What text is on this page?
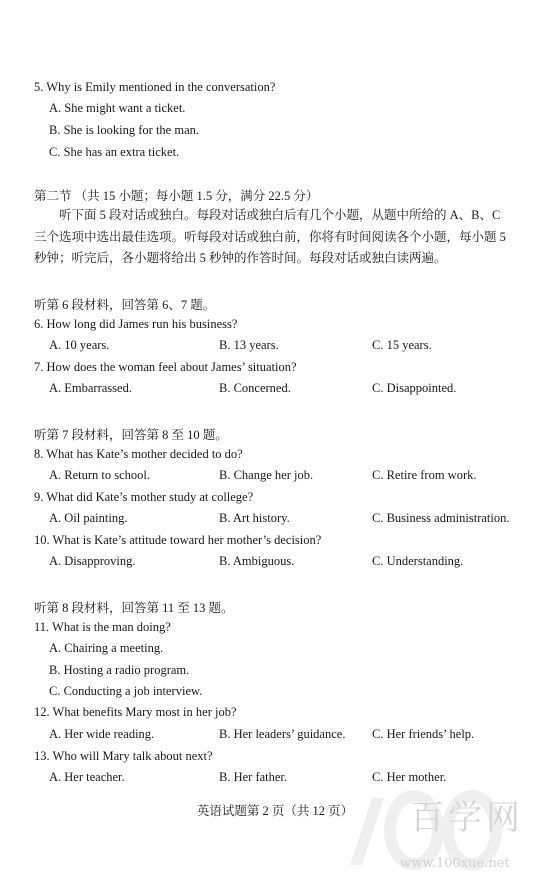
5. Why is Emily mentioned in the conversation?
A. She might want a ticket.
B. She is looking for the man.
C. She has an extra ticket.
第二节 （共 15 小题；每小题 1.5 分，满分 22.5 分）
听下面 5 段对话或独白。每段对话或独白后有几个小题，从题中所给的 A、B、C
三个选项中选出最佳选项。听每段对话或独白前，你将有时间阅读各个小题，每小题 5
秒钟；听完后，各小题将给出 5 秒钟的作答时间。每段对话或独白读两遍。
听第 6 段材料，回答第 6、7 题。
6. How long did James run his business?
A. 10 years.	B. 13 years.	C. 15 years.
7. How does the woman feel about James’ situation?
A. Embarrassed.	B. Concerned.	C. Disappointed.
听第 7 段材料，回答第 8 至 10 题。
8. What has Kate’s mother decided to do?
A. Return to school.	B. Change her job.	C. Retire from work.
9. What did Kate’s mother study at college?
A. Oil painting.	B. Art history.	C. Business administration.
10. What is Kate’s attitude toward her mother’s decision?
A. Disapproving.	B. Ambiguous.	C. Understanding.
听第 8 段材料，回答第 11 至 13 题。
11. What is the man doing?
A. Chairing a meeting.
B. Hosting a radio program.
C. Conducting a job interview.
12. What benefits Mary most in her job?
A. Her wide reading.	B. Her leaders’ guidance. C. Her friends’ help.
13. Who will Mary talk about next?
A. Her teacher.	B. Her father.	C. Her mother.
百学网
www.100xue.net
英语试题第 2 页（共 12 页）
